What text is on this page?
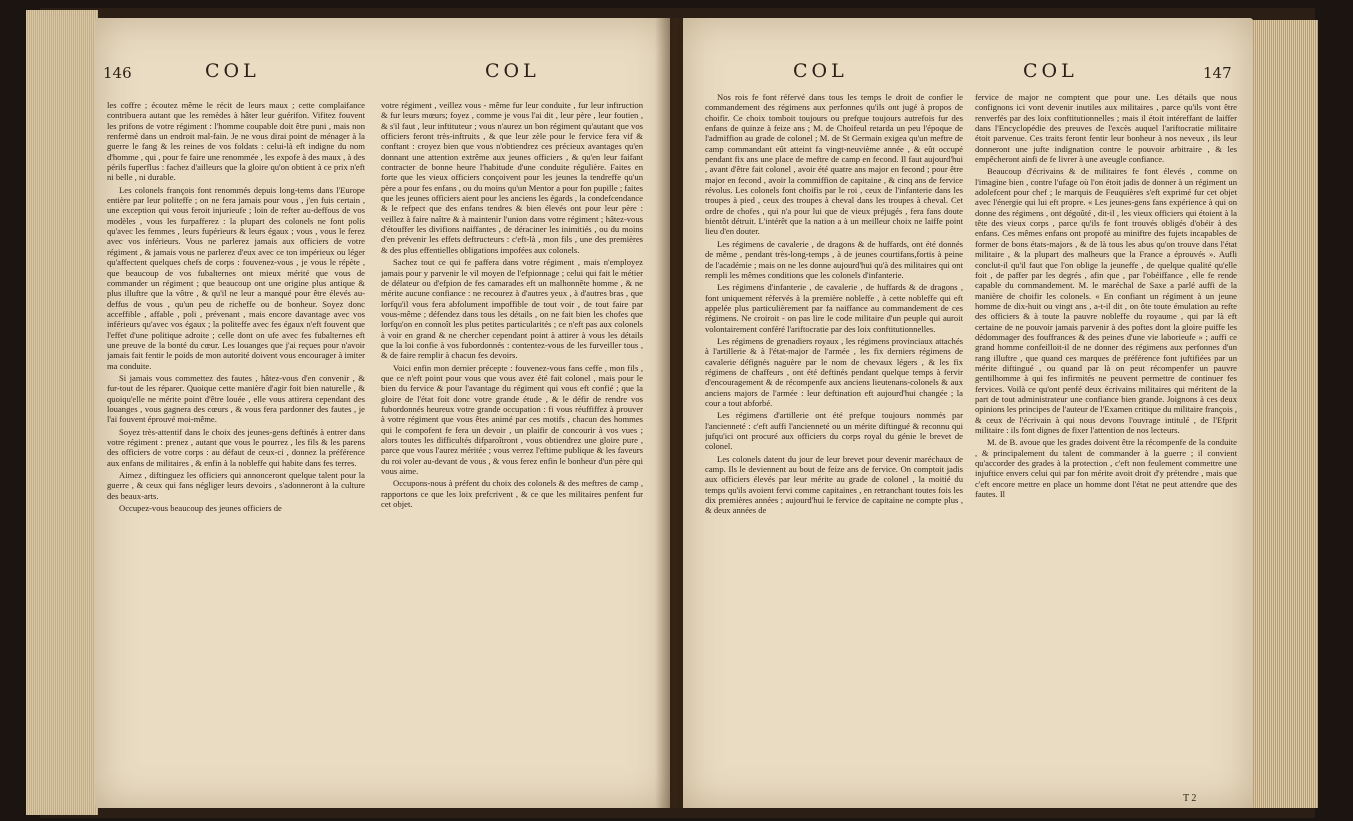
146	COL	COL

les coffre ; écoutez même le récit de leurs maux ; cette complaifance contribuera autant que les remèdes à hâter leur guérifon. Vifitez fouvent les prifons de votre régiment : l'homme coupable doit être puni , mais non renfermé dans un endroit mal-fain. Je ne vous dirai point de ménager à la guerre le fang & les reines de vos foldats : celui-là eft indigne du nom d'homme , qui , pour fe faire une renommée , les expofe à des maux , à des périls fuperflus : fachez d'ailleurs que la gloire qu'on obtient à ce prix n'eft ni belle , ni durable.

Les colonels françois font renommés depuis long-tems dans l'Europe entière par leur politeffe ; on ne fera jamais pour vous , j'en fuis certain , une exception qui vous feroit injurieufe ; loin de refter au-deffous de vos modèles , vous les furpafferez : la plupart des colonels ne font polis qu'avec les femmes , leurs fupérieurs & leurs égaux ; vous , vous le ferez avec vos inférieurs. Vous ne parlerez jamais aux officiers de votre régiment , & jamais vous ne parlerez d'eux avec ce ton impérieux ou léger qu'affectent quelques chefs de corps : fouvenez-vous , je vous le répète , que beaucoup de vos fubalternes ont mieux mérité que vous de commander un régiment ; que beaucoup ont une origine plus antique & plus illuftre que la vôtre , & qu'il ne leur a manqué pour être élevés au-deffus de vous , qu'un peu de richeffe ou de bonheur. Soyez donc acceffible , affable , poli , prévenant , mais encore davantage avec vos inférieurs qu'avec vos égaux ; la politeffe avec fes égaux n'eft fouvent que l'effet d'une politique adroite ; celle dont on ufe avec fes fubalternes eft une preuve de la bonté du cœur. Les louanges que j'ai reçues pour n'avoir jamais fait fentir le poids de mon autorité doivent vous encourager à imiter ma conduite.

Si jamais vous commettez des fautes , hâtez-vous d'en convenir , & fur-tout de les réparer. Quoique cette manière d'agir foit bien naturelle , & quoiqu'elle ne mérite point d'être louée , elle vous attirera cependant des louanges , vous gagnera des cœurs , & vous fera pardonner des fautes , je l'ai fouvent éprouvé moi-même.

Soyez très-attentif dans le choix des jeunes-gens deftinés à entrer dans votre régiment : prenez , autant que vous le pourrez , les fils & les parens des officiers de votre corps : au défaut de ceux-ci , donnez la préférence aux enfans de militaires , & enfin à la nobleffe qui habite dans fes terres.

Aimez , diftinguez les officiers qui annonceront quelque talent pour la guerre , & ceux qui fans négliger leurs devoirs , s'adonneront à la culture des beaux-arts.

Occupez-vous beaucoup des jeunes officiers de

votre régiment , veillez vous - même fur leur conduite , fur leur inftruction & fur leurs mœurs; foyez , comme je vous l'ai dit , leur père , leur foutien , & s'il faut , leur inftituteur ; vous n'aurez un bon régiment qu'autant que vos officiers feront très-inftruits , & que leur zèle pour le fervice fera vif & conftant : croyez bien que vous n'obtiendrez ces précieux avantages qu'en donnant une attention extrême aux jeunes officiers , & qu'en leur faifant contracter de bonne heure l'habitude d'une conduite régulière. Faites en forte que les vieux officiers conçoivent pour les jeunes la tendreffe qu'un père a pour fes enfans , ou du moins qu'un Mentor a pour fon pupille ; faites que les jeunes officiers aient pour les anciens les égards , la condefcendance & le refpect que des enfans tendres & bien élevés ont pour leur père : veillez à faire naître & à maintenir l'union dans votre régiment ; hâtez-vous d'étouffer les divifions naiffantes , de déraciner les inimitiés , ou du moins d'en prévenir les effets deftructeurs : c'eft-là , mon fils , une des premières & des plus effentielles obligations impofées aux colonels.

Sachez tout ce qui fe paffera dans votre régiment , mais n'employez jamais pour y parvenir le vil moyen de l'efpionnage ; celui qui fait le métier de délateur ou d'efpion de fes camarades eft un malhonnête homme , & ne mérite aucune confiance : ne recourez à d'autres yeux , à d'autres bras , que lorfqu'il vous fera abfolument impoffible de tout voir , de tout faire par vous-même ; défendez dans tous les détails , on ne fait bien les chofes que lorfqu'on en connoît les plus petites particularités ; ce n'eft pas aux colonels à voir en grand & ne chercher cependant point à attirer à vous les détails que la loi confie à vos fubordonnés : contentez-vous de les furveiller tous , & de faire remplir à chacun fes devoirs.

Voici enfin mon dernier précepte : fouvenez-vous fans ceffe , mon fils , que ce n'eft point pour vous que vous avez été fait colonel , mais pour le bien du fervice & pour l'avantage du régiment qui vous eft confié ; que la gloire de l'état foit donc votre grande étude , & le défir de rendre vos fubordonnés heureux votre grande occupation : fi vous réuffiffez à prouver à votre régiment que vous êtes animé par ces motifs , chacun des hommes qui le compofent fe fera un devoir , un plaifir de concourir à vos vues ; alors toutes les difficultés difparoîtront , vous obtiendrez une gloire pure , parce que vous l'aurez méritée ; vous verrez l'eftime publique & les faveurs du roi voler au-devant de vous , & vous ferez enfin le bonheur d'un père qui vous aime.

Occupons-nous à préfent du choix des colonels & des meftres de camp , rapportons ce que les loix prefcrivent , & ce que les militaires penfent fur cet objet.

COL	COL	147

Nos rois fe font réfervé dans tous les temps le droit de confier le commandement des régimens aux perfonnes qu'ils ont jugé à propos de choifir. Ce choix tomboit toujours ou prefque toujours autrefois fur des enfans de quinze à feize ans ; M. de Choifeul retarda un peu l'époque de l'admiffion au grade de colonel ; M. de St Germain exigea qu'un meftre de camp commandant eût atteint fa vingt-neuvième année , & eût occupé pendant fix ans une place de meftre de camp en fecond. Il faut aujourd'hui , avant d'être fait colonel , avoir été quatre ans major en fecond ; pour être major en fecond , avoir la commiffion de capitaine , & cinq ans de fervice révolus. Les colonels font choifis par le roi , ceux de l'infanterie dans les troupes à pied , ceux des troupes à cheval dans les troupes à cheval. Cet ordre de chofes , qui n'a pour lui que de vieux préjugés , fera fans doute bientôt détruit. L'intérêt que la nation a à un meilleur choix ne laiffe point lieu d'en douter.

Les régimens de cavalerie , de dragons & de huffards, ont été donnés de même , pendant très-long-temps , à de jeunes courtifans,fortis à peine de l'académie ; mais on ne les donne aujourd'hui qu'à des militaires qui ont rempli les mêmes conditions que les colonels d'infanterie.

Les régimens d'infanterie , de cavalerie , de huffards & de dragons , font uniquement réfervés à la première nobleffe , à cette nobleffe qui eft appelée plus particulièrement par fa naiffance au commandement de ces régimens. Ne croiroit - on pas lire le code militaire d'un peuple qui auroit volontairement conféré l'ariftocratie par des loix conftitutionnelles.

Les régimens de grenadiers royaux , les régimens provinciaux attachés à l'artillerie & à l'état-major de l'armée , les fix derniers régimens de cavalerie défignés naguère par le nom de chevaux légers , & les fix régimens de chaffeurs , ont été deftinés pendant quelque temps à fervir d'encouragement & de récompenfe aux anciens lieutenans-colonels & aux anciens majors de l'armée : leur deftination eft aujourd'hui changée ; la cour a tout abforbé.

Les régimens d'artillerie ont été prefque toujours nommés par l'ancienneté : c'eft auffi l'ancienneté ou un mérite diftingué & reconnu qui jufqu'ici ont procuré aux officiers du corps royal du génie le brevet de colonel.

Les colonels datent du jour de leur brevet pour devenir maréchaux de camp. Ils le deviennent au bout de feize ans de fervice. On comptoit jadis aux officiers élevés par leur mérite au grade de colonel , la moitié du temps qu'ils avoient fervi comme capitaines , en retranchant toutes fois les dix premières années ; aujourd'hui le fervice de capitaine ne compte plus , & deux années de

fervice de major ne comptent que pour une. Les détails que nous confignons ici vont devenir inutiles aux militaires , parce qu'ils vont être renverfés par des loix conftitutionnelles ; mais il étoit intéreffant de laiffer dans l'Encyclopédie des preuves de l'excès auquel l'ariftocratie militaire étoit parvenue. Ces traits feront fentir leur bonheur à nos neveux , ils leur donneront une jufte indignation contre le pouvoir arbitraire , & les empêcheront ainfi de fe livrer à une aveugle confiance.

Beaucoup d'écrivains & de militaires fe font élevés , comme on l'imagine bien , contre l'ufage où l'on étoit jadis de donner à un régiment un adolefcent pour chef ; le marquis de Feuquières s'eft exprimé fur cet objet avec l'énergie qui lui eft propre. « Les jeunes-gens fans expérience à qui on donne des régimens , ont dégoûté , dit-il , les vieux officiers qui étoient à la tête des vieux corps , parce qu'ils fe font trouvés obligés d'obéir à des enfans. Ces mêmes enfans ont propofé au miniftre des fujets incapables de former de bons états-majors , & de là tous les abus qu'on trouve dans l'état militaire , & la plupart des malheurs que la France a éprouvés ». Aufli conclut-il qu'il faut que l'on oblige la jeuneffe , de quelque qualité qu'elle foit , de paffer par les degrés , afin que , par l'obéiffance , elle fe rende capable du commandement. M. le maréchal de Saxe a parlé auffi de la manière de choifir les colonels. « En confiant un régiment à un jeune homme de dix-huit ou vingt ans , a-t-il dit , on ôte toute émulation au refte des officiers & à toute la pauvre nobleffe du royaume , qui par là eft certaine de ne pouvoir jamais parvenir à des poftes dont la gloire puiffe les dédommager des fouffrances & des peines d'une vie laborieufe » ; auffi ce grand homme confeilloit-il de ne donner des régimens aux perfonnes d'un rang illuftre , que quand ces marques de préférence font juftifiées par un mérite diftingué , ou quand par là on peut récompenfer un pauvre gentilhomme à qui fes infirmités ne peuvent permettre de continuer fes fervices. Voilà ce qu'ont penfé deux écrivains militaires qui méritent de la part de tout administrateur une confiance bien grande. Joignons à ces deux opinions les principes de l'auteur de l'Examen critique du militaire françois , & ceux de l'écrivain à qui nous devons l'ouvrage intitulé , de l'Efprit militaire : ils font dignes de fixer l'attention de nos lecteurs.

M. de B. avoue que les grades doivent être la récompenfe de la conduite , & principalement du talent de commander à la guerre ; il convient qu'accorder des grades à la protection , c'eft non feulement commettre une injuftice envers celui qui par fon mérite avoit droit d'y prétendre , mais que c'eft encore mettre en place un homme dont l'état ne peut attendre que des fautes. Il

T 2
